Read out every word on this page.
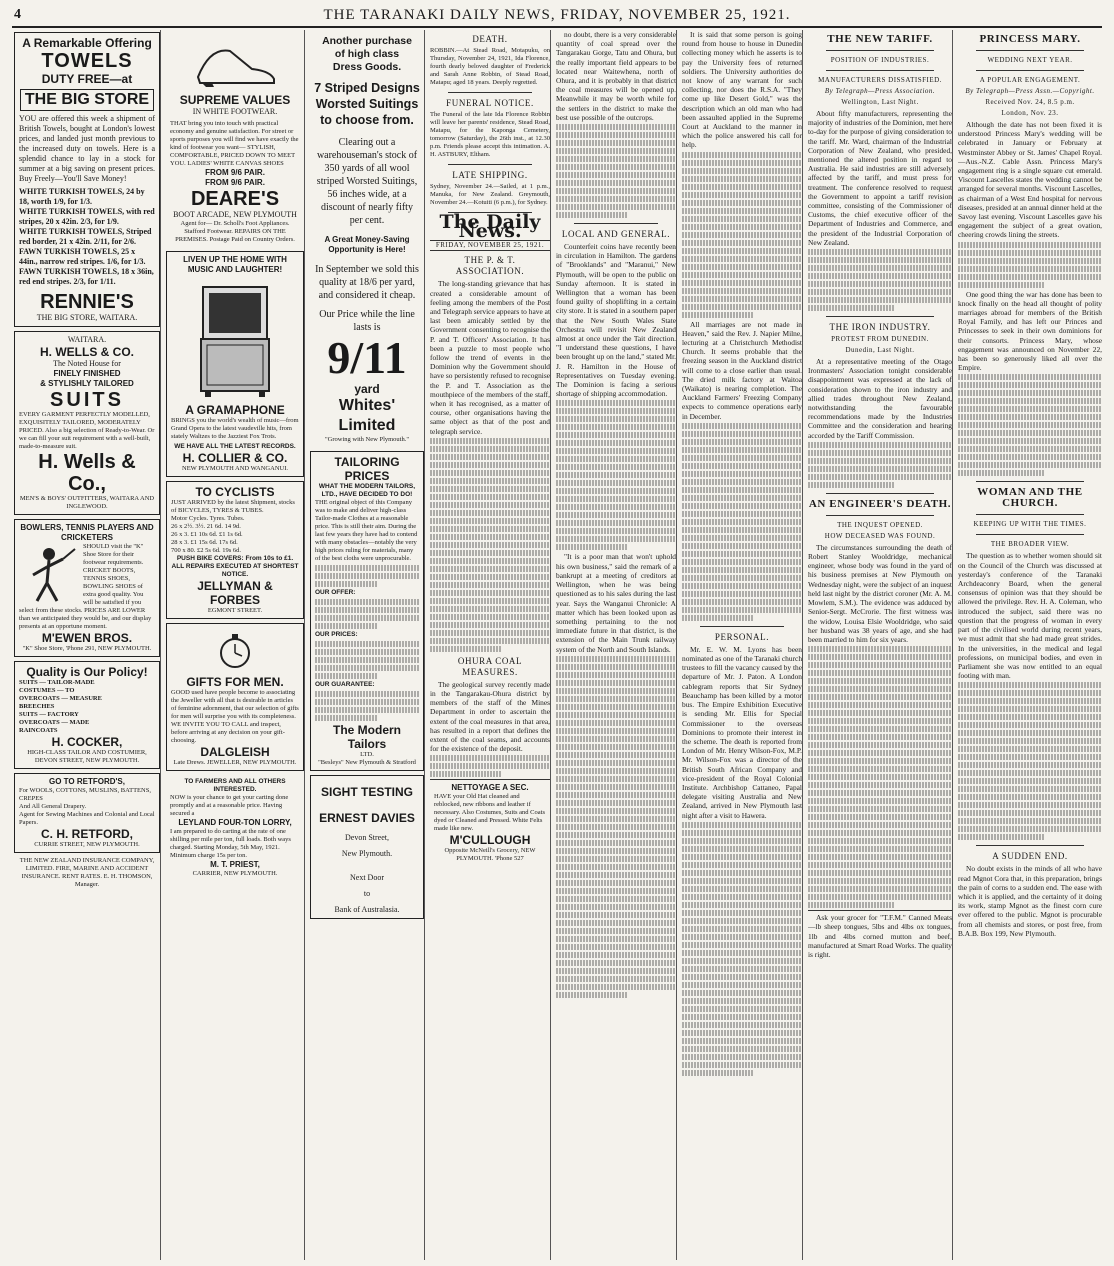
4	THE TARANAKI DAILY NEWS, FRIDAY, NOVEMBER 25, 1921.
A Remarkable Offering
TOWELS
DUTY FREE—at
THE BIG STORE
YOU are offered this week a shipment of British Towels, bought at London's lowest prices, and landed just month previous to the increased duty on towels. Here is a splendid chance to lay in a stock for summer at a big saving on present prices. Buy Freely—You'll Save Money!
WHITE TURKISH TOWELS, 24 by 18, worth 1/9, for 1/3.
WHITE TURKISH TOWELS, with red stripes, 20 x 42in. 2/3, for 1/9.
WHITE TURKISH TOWELS, Striped red border, 21 x 42in. 2/11, for 2/6.
FAWN TURKISH TOWELS, 25 x 44in., narrow red stripes. 1/6, for 1/3.
FAWN TURKISH TOWELS, 18 x 36in, red end stripes. 2/3, for 1/11.
RENNIE'S
THE BIG STORE, WAITARA.
WAITARA.
H. WELLS & CO.
The Noted House for
FINELY FINISHED
& STYLISHLY TAILORED
SUITS
EVERY GARMENT PERFECTLY MODELLED, EXQUISITELY TAILORED, MODERATELY PRICED. Also a big selection of Ready-to-Wear. Or we can fill your suit requirement with a well-built, made-to-measure suit.
H. Wells & Co.,
MEN'S & BOYS' OUTFITTERS, WAITARA AND INGLEWOOD.
BOWLERS, TENNIS PLAYERS AND CRICKETERS
SHOULD visit the "K" Shoe Store for their footwear requirements. CRICKET BOOTS, TENNIS SHOES, BOWLING SHOES of extra good quality. You will be satisfied if you select from these stocks. PRICES ARE LOWER than we anticipated they would be, and our display presents at an opportune moment.
M'EWEN BROS.
"K" Shoe Store, 'Phone 291, NEW PLYMOUTH.
Quality is Our Policy!
SUITS — TAILOR-MADE
COSTUMES — TO
OVERCOATS — MEASURE
BREECHES
SUITS — FACTORY
OVERCOATS — MADE
RAINCOATS
H. COCKER,
HIGH-CLASS TAILOR AND COSTUMIER, DEVON STREET, NEW PLYMOUTH.
GO TO RETFORD'S,
For WOOLS, COTTONS, MUSLINS, BATTENS, CREPES
And All General Drapery.
Agent for Sewing Machines and Colonial and Local Papers.
C. H. RETFORD,
CURRIE STREET, NEW PLYMOUTH.
THE NEW ZEALAND INSURANCE COMPANY, LIMITED. FIRE, MARINE AND ACCIDENT INSURANCE. RENT RATES. E. H. THOMSON, Manager.
SUPREME VALUES
IN WHITE FOOTWEAR.
THAT bring you into touch with practical economy and genuine satisfaction. For street or sports purposes you will find we have exactly the kind of footwear you want— STYLISH, COMFORTABLE, PRICED DOWN TO MEET YOU. LADIES' WHITE CANVAS SHOES
FROM 9/6 PAIR.
FROM 9/6 PAIR.
DEARE'S
BOOT ARCADE, NEW PLYMOUTH
Agent for— Dr. Scholl's Foot Appliances. Stafford Footwear. REPAIRS ON THE PREMISES. Postage Paid on Country Orders.
LIVEN UP THE HOME WITH MUSIC AND LAUGHTER!
A GRAMAPHONE
BRINGS you the world's wealth of music—from Grand Opera to the latest vaudeville hits, from stately Waltzes to the Jazziest Fox Trots.
WE HAVE ALL THE LATEST RECORDS.
H. COLLIER & CO.
NEW PLYMOUTH AND WANGANUI.
TO CYCLISTS
JUST ARRIVED by the latest Shipment, stocks of BICYCLES, TYRES & TUBES.
Motor Cycles. Tyres. Tubes.
26 x 2½. 3½. 21 6d. 14 9d.
26 x 3. £1 10s 6d. £1 1s 6d.
28 x 3. £1 15s 6d. 17s 6d.
700 x 80. £2 5s 6d. 19s 6d.
PUSH BIKE COVERS: From 10s to £1.
ALL REPAIRS EXECUTED AT SHORTEST NOTICE.
JELLYMAN & FORBES
EGMONT STREET.
GIFTS FOR MEN.
GOOD used have people become to associating the Jeweller with all that is desirable in articles of feminine adornment, that our selection of gifts for men will surprise you with its completeness. WE INVITE YOU TO CALL and inspect, before arriving at any decision on your gift-choosing.
DALGLEISH
Late Drews. JEWELLER, NEW PLYMOUTH.
TO FARMERS AND ALL OTHERS INTERESTED.
NOW is your chance to get your carting done promptly and at a reasonable price. Having secured a
LEYLAND FOUR-TON LORRY,
I am prepared to do carting at the rate of one shilling per mile per ton, full loads. Both ways charged. Starting Monday, 5th May, 1921. Minimum charge 15s per ton.
M. T. PRIEST,
CARRIER, NEW PLYMOUTH.
Another purchase
of high class
Dress Goods.
7 Striped Designs
Worsted Suitings
to choose from.
Clearing out a warehouseman's stock of 350 yards of all wool striped Worsted Suitings, 56 inches wide, at a discount of nearly fifty per cent.
A Great Money-Saving Opportunity is Here!
In September we sold this quality at 18/6 per yard, and considered it cheap.
Our Price while the line lasts is
9/11 yard
Whites' Limited
"Growing with New Plymouth."
TAILORING PRICES
WHAT THE MODERN TAILORS, LTD., HAVE DECIDED TO DO!
THE original object of this Company was to make and deliver high-class Tailor-made Clothes at a reasonable price. This is still their aim. During the last few years they have had to contend with many obstacles—notably the very high prices ruling for materials, many of the best cloths were unprocurable.
OUR OFFER:
OUR PRICES:
OUR GUARANTEE:
The Modern Tailors
LTD.
"Besleys" New Plymouth & Stratford
SIGHT TESTING
ERNEST DAVIES
Devon Street,
New Plymouth.
Next Door
to
Bank of Australasia.
DEATH.
ROBBIN.—At Stead Road, Motapuku, on Thursday, November 24, 1921, Ida Florence, fourth dearly beloved daughter of Frederick and Sarah Anne Robbin, of Stead Road, Matapu; aged 18 years. Deeply regretted.
FUNERAL NOTICE.
The Funeral of the late Ida Florence Robbin will leave her parents' residence, Stead Road, Matapu, for the Kaponga Cemetery, tomorrow (Saturday), the 26th inst., at 12.30 p.m. Friends please accept this intimation. A. H. ASTBURY, Eltham.
LATE SHIPPING.
Sydney, November 24.—Sailed, at 1 p.m., Manuka, for New Zealand. Greymouth, November 24.—Kotuiti (6 p.m.), for Sydney.
The Daily News.
FRIDAY, NOVEMBER 25, 1921.
THE P. & T. ASSOCIATION.
The long-standing grievance that has created a considerable amount of feeling among the members of the Post and Telegraph service appears to have at last been amicably settled by the Government consenting to recognise the P. and T. Officers' Association. It has been a puzzle to most people who follow the trend of events in the Dominion why the Government should have so persistently refused to recognise the P. and T. Association as the mouthpiece of the members of the staff, when it has recognised, as a matter of course, other organisations having the same object as that of the post and telegraph service.
OHURA COAL MEASURES.
The geological survey recently made in the Tangarakau-Ohura district by members of the staff of the Mines Department in order to ascertain the extent of the coal measures in that area, has resulted in a report that defines the extent of the coal seams, and accounts for the existence of the deposit.
NETTOYAGE A SEC.
HAVE your Old Hat cleaned and reblocked, new ribbons and leather if necessary. Also Costumes, Suits and Coats dyed or Cleaned and Pressed. White Felts made like new.
M'CULLOUGH
Opposite McNeill's Grocery, NEW PLYMOUTH. 'Phone 527
no doubt, there is a very considerable quantity of coal spread over the Tangarakau Gorge, Tatu and Ohura, but the really important field appears to be located near Waitewhena, north of Ohura, and it is probably in that district the coal measures will be opened up. Meanwhile it may be worth while for the settlers in the district to make the best use possible of the outcrops.
LOCAL AND GENERAL.
Counterfeit coins have recently been in circulation in Hamilton. The gardens of "Brooklands" and "Maranui," New Plymouth, will be open to the public on Sunday afternoon. It is stated in Wellington that a woman has been found guilty of shoplifting in a certain city store. It is stated in a southern paper that the New South Wales State Orchestra will revisit New Zealand almost at once under the Tait direction. "I understand these questions, I have been brought up on the land," stated Mr. J. R. Hamilton in the House of Representatives on Tuesday evening. The Dominion is facing a serious shortage of shipping accommodation.
"It is a poor man that won't uphold his own business," said the remark of a bankrupt at a meeting of creditors at Wellington, when he was being questioned as to his sales during the last year. Says the Wanganui Chronicle: A matter which has been looked upon as something pertaining to the not immediate future in that district, is the extension of the Main Trunk railway system of the North and South Islands.
It is said that some person is going round from house to house in Dunedin collecting money which he asserts is to pay the University fees of returned soldiers. The University authorities do not know of any warrant for such collecting, nor does the R.S.A. "They come up like Desert Gold," was the description which an old man who had been assaulted applied in the Supreme Court at Auckland to the manner in which the police answered his call for help.
All marriages are not made in Heaven," said the Rev. J. Napier Milne, lecturing at a Christchurch Methodist Church. It seems probable that the freezing season in the Auckland district will come to a close earlier than usual. The dried milk factory at Waitoa (Waikato) is nearing completion. The Auckland Farmers' Freezing Company expects to commence operations early in December.
PERSONAL.
Mr. E. W. M. Lyons has been nominated as one of the Taranaki church trustees to fill the vacancy caused by the departure of Mr. J. Paton. A London cablegram reports that Sir Sydney Beauchamp has been killed by a motor bus. The Empire Exhibition Executive is sending Mr. Ellis for Special Commissioner to the overseas Dominions to promote their interest in the scheme. The death is reported from London of Mr. Henry Wilson-Fox, M.P. Mr. Wilson-Fox was a director of the British South African Company and vice-president of the Royal Colonial Institute. Archbishop Cattaneo, Papal delegate visiting Australia and New Zealand, arrived in New Plymouth last night after a visit to Hawera.
THE NEW TARIFF.
POSITION OF INDUSTRIES.
MANUFACTURERS DISSATISFIED.
By Telegraph—Press Association.
Wellington, Last Night.
About fifty manufacturers, representing the majority of industries of the Dominion, met here to-day for the purpose of giving consideration to the tariff. Mr. Ward, chairman of the Industrial Corporation of New Zealand, who presided, mentioned the altered position in regard to Australia. He said industries are still adversely affected by the tariff, and must press for treatment. The conference resolved to request the Government to appoint a tariff revision committee, consisting of the Commissioner of Customs, the chief executive officer of the Department of Industries and Commerce, and the president of the Industrial Corporation of New Zealand.
THE IRON INDUSTRY.
PROTEST FROM DUNEDIN.
Dunedin, Last Night.
At a representative meeting of the Otago Ironmasters' Association tonight considerable disappointment was expressed at the lack of consideration shown to the iron industry and allied trades throughout New Zealand, notwithstanding the favourable recommendations made by the Industries Committee and the consideration and hearing accorded by the Tariff Commission.
AN ENGINEER'S DEATH.
THE INQUEST OPENED.
HOW DECEASED WAS FOUND.
The circumstances surrounding the death of Robert Stanley Wooldridge, mechanical engineer, whose body was found in the yard of his business premises at New Plymouth on Wednesday night, were the subject of an inquest held last night by the district coroner (Mr. A. M. Mowlem, S.M.). The evidence was adduced by Senior-Sergt. McCrorie. The first witness was the widow, Louisa Elsie Wooldridge, who said her husband was 38 years of age, and she had been married to him for six years.
Ask your grocer for "T.F.M." Canned Meats—lb sheep tongues, 5lbs and 4lbs ox tongues, 1lb and 4lbs corned mutton and beef, manufactured at Smart Road Works. The quality is right.
PRINCESS MARY.
WEDDING NEXT YEAR.
A POPULAR ENGAGEMENT.
By Telegraph—Press Assn.—Copyright.
Received Nov. 24, 8.5 p.m.
London, Nov. 23.
Although the date has not been fixed it is understood Princess Mary's wedding will be celebrated in January or February at Westminster Abbey or St. James' Chapel Royal.—Aus.-N.Z. Cable Assn. Princess Mary's engagement ring is a single square cut emerald. Viscount Lascelles states the wedding cannot be arranged for several months. Viscount Lascelles, as chairman of a West End hospital for nervous diseases, presided at an annual dinner held at the Savoy last evening. Viscount Lascelles gave his engagement the subject of a great ovation, cheering crowds lining the streets.
One good thing the war has done has been to knock finally on the head all thought of polity marriages abroad for members of the British Royal Family, and has left our Princes and Princesses to seek in their own dominions for their consorts. Princess Mary, whose engagement was announced on November 22, has been so generously liked all over the Empire.
WOMAN AND THE CHURCH.
KEEPING UP WITH THE TIMES.
THE BROADER VIEW.
The question as to whether women should sit on the Council of the Church was discussed at yesterday's conference of the Taranaki Archdeaconry Board, when the general consensus of opinion was that they should be allowed the privilege. Rev. H. A. Coleman, who introduced the subject, said there was no question that the progress of woman in every part of the civilised world during recent years, we must admit that she had made great strides. In the universities, in the medical and legal professions, on municipal bodies, and even in Parliament she was now entitled to an equal footing with man.
A SUDDEN END.
No doubt exists in the minds of all who have read Mgnot Cora that, in this preparation, brings the pain of corns to a sudden end. The ease with which it is applied, and the certainty of it doing its work, stamp Mgnot as the finest corn cure ever offered to the public. Mgnot is procurable from all chemists and stores, or post free, from B.A.B. Box 199, New Plymouth.
